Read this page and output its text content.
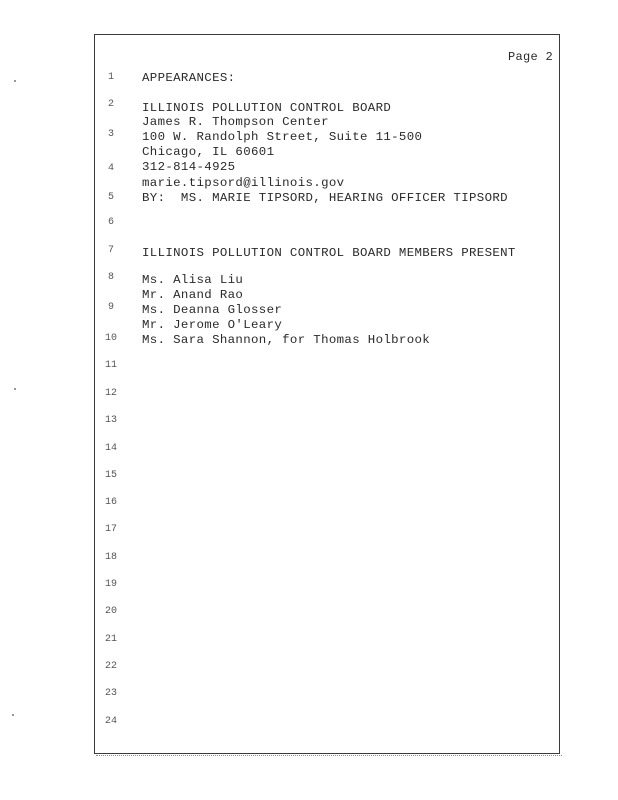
Page 2
1
2
3
4
5
6
7
8
9
10
11
12
13
14
15
16
17
18
19
20
21
22
23
24
APPEARANCES:
ILLINOIS POLLUTION CONTROL BOARD
James R. Thompson Center
100 W. Randolph Street, Suite 11-500
Chicago, IL 60601
312-814-4925
marie.tipsord@illinois.gov
BY:  MS. MARIE TIPSORD, HEARING OFFICER TIPSORD
ILLINOIS POLLUTION CONTROL BOARD MEMBERS PRESENT
Ms. Alisa Liu
Mr. Anand Rao
Ms. Deanna Glosser
Mr. Jerome O'Leary
Ms. Sara Shannon, for Thomas Holbrook
